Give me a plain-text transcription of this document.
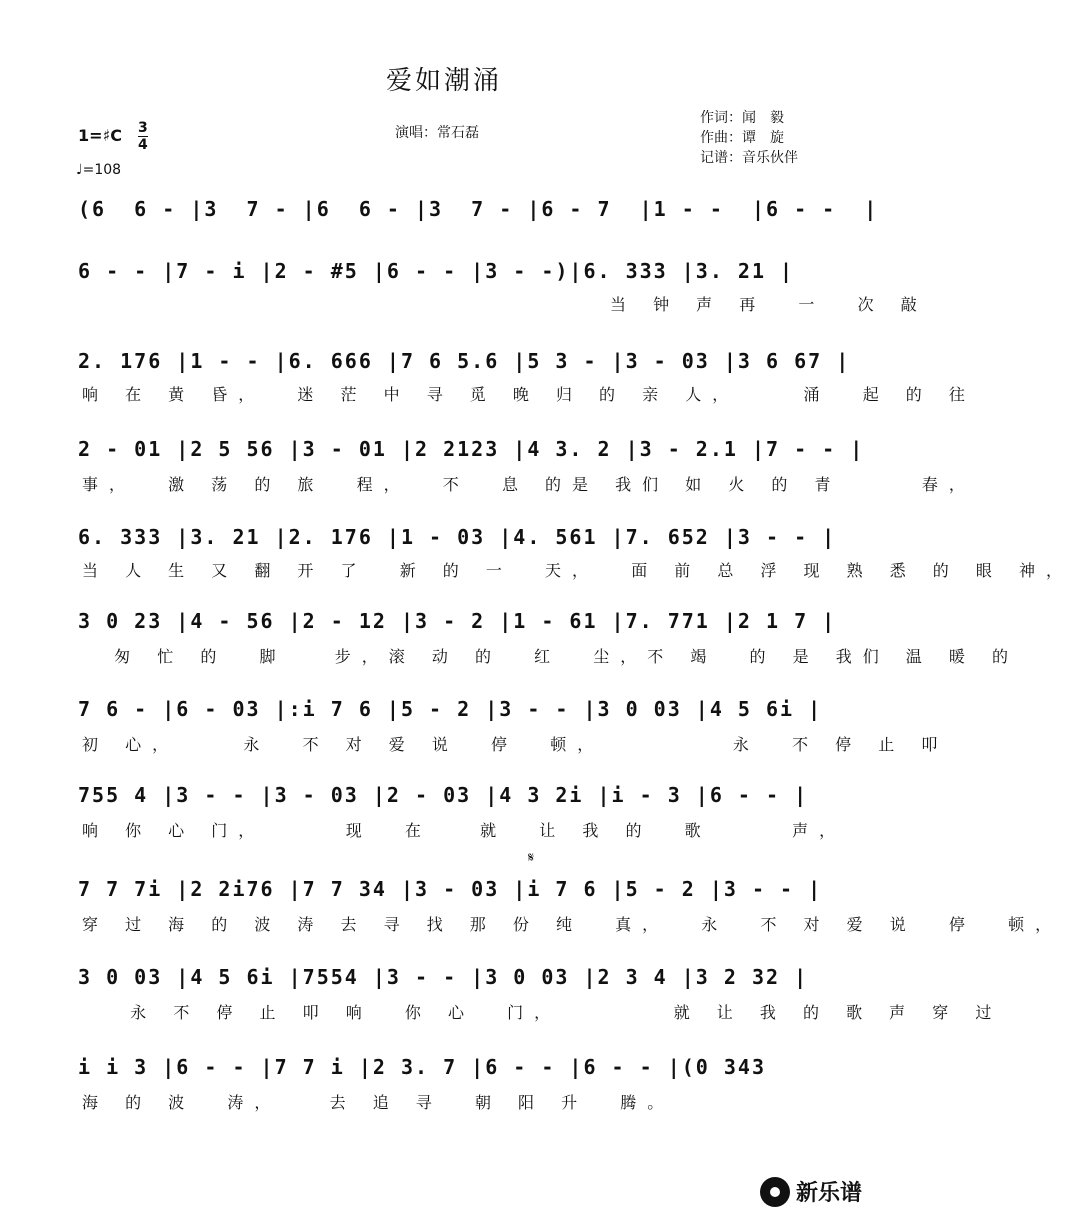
爱如潮涌
演唱：常石磊
作词：闻　毅
作曲：谭　旋
记谱：音乐伙伴
1=♯C 3
4
♩=108
𝄋
(6  6 - |3  7 - |6  6 - |3  7 - |6 - 7  |1 - -  |6 - -  |
6 - - |7 - i |2 - #5 |6 - - |3 - -)|6. 333 |3. 21 |
当 钟 声 再  一  次 敲
2. 176 |1 - - |6. 666 |7 6 5.6 |5 3 - |3 - 03 |3 6 67 |
响 在 黄 昏，  迷 茫 中 寻 觅 晚 归 的 亲 人，    涌  起 的 往
2 - 01 |2 5 56 |3 - 01 |2 2123 |4 3. 2 |3 - 2.1 |7 - - |
事，  激 荡 的 旅  程，  不  息 的是 我们 如 火 的 青     春，
6. 333 |3. 21 |2. 176 |1 - 03 |4. 561 |7. 652 |3 - - |
当 人 生 又 翻 开 了  新 的 一  天，  面 前 总 浮 现 熟 悉 的 眼 神，
3 0 23 |4 - 56 |2 - 12 |3 - 2 |1 - 61 |7. 771 |2 1 7 |
匆 忙 的  脚   步，滚 动 的  红  尘，不 竭  的 是 我们 温 暖 的
7 6 - |6 - 03 |:i 7 6 |5 - 2 |3 - - |3 0 03 |4 5 6i |
初 心，    永  不 对 爱 说  停  顿，        永  不 停 止 叩
755 4 |3 - - |3 - 03 |2 - 03 |4 3 2i |i - 3 |6 - - |
响 你 心 门，     现  在   就  让 我 的  歌     声，
7 7 7i |2 2i76 |7 7 34 |3 - 03 |i 7 6 |5 - 2 |3 - - |
穿 过 海 的 波 涛 去 寻 找 那 份 纯  真，  永  不 对 爱 说  停  顿，
3 0 03 |4 5 6i |7554 |3 - - |3 0 03 |2 3 4 |3 2 32 |
永 不 停 止 叩 响  你 心  门，       就 让 我 的 歌 声 穿 过
i i 3 |6 - - |7 7 i |2 3. 7 |6 - - |6 - - |(0 343
海 的 波  涛，   去 追 寻  朝 阳 升  腾。
新乐谱
